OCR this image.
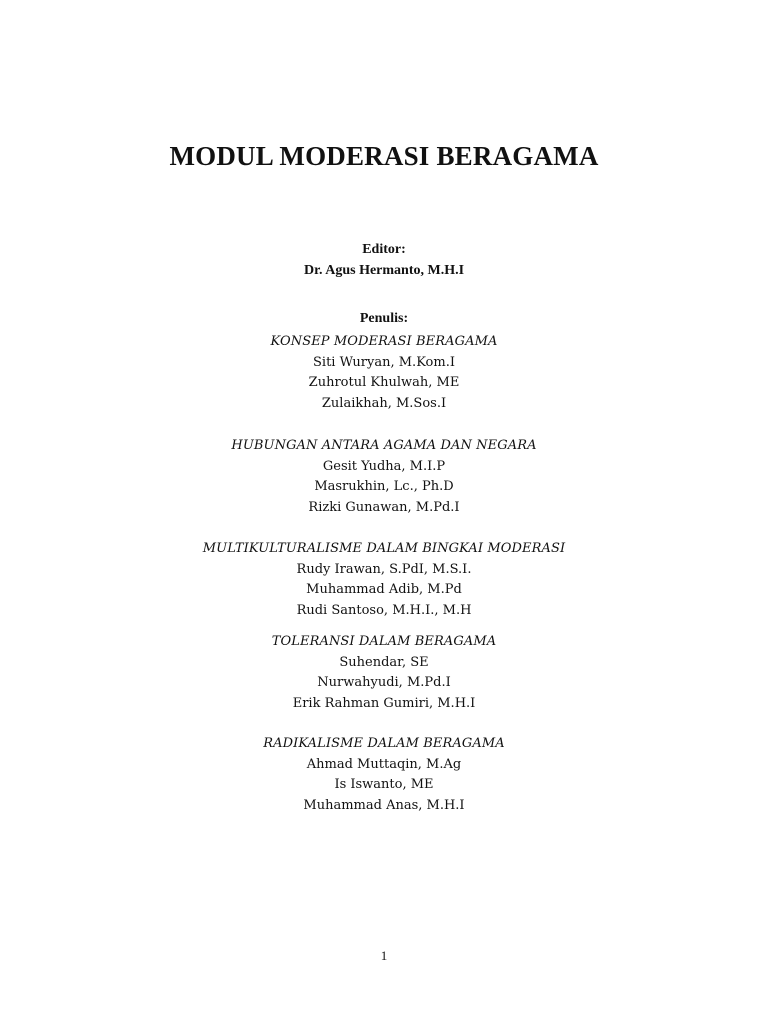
MODUL MODERASI BERAGAMA
Editor:
Dr. Agus Hermanto, M.H.I
Penulis:
KONSEP MODERASI BERAGAMA
Siti Wuryan, M.Kom.I
Zuhrotul Khulwah, ME
Zulaikhah, M.Sos.I
HUBUNGAN ANTARA AGAMA DAN NEGARA
Gesit Yudha, M.I.P
Masrukhin, Lc., Ph.D
Rizki Gunawan, M.Pd.I
MULTIKULTURALISME DALAM BINGKAI MODERASI
Rudy Irawan, S.PdI, M.S.I.
Muhammad Adib, M.Pd
Rudi Santoso, M.H.I., M.H
TOLERANSI DALAM BERAGAMA
Suhendar, SE
Nurwahyudi, M.Pd.I
Erik Rahman Gumiri, M.H.I
RADIKALISME DALAM BERAGAMA
Ahmad Muttaqin, M.Ag
Is Iswanto, ME
Muhammad Anas, M.H.I
1
